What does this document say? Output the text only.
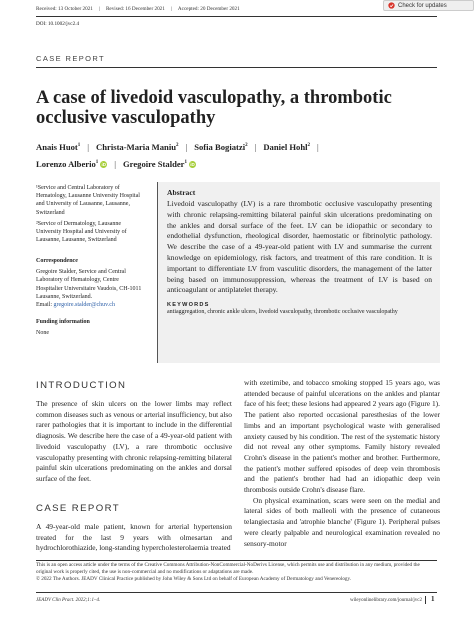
Check for updates
Received: 13 October 2021 | Revised: 16 December 2021 | Accepted: 20 December 2021
DOI: 10.1002/jvc2.4
CASE REPORT
A case of livedoid vasculopathy, a thrombotic
occlusive vasculopathy
Anais Huot$^1$ | Christa-Maria Maniu$^2$ | Sofia Bogiatzi$^2$ | Daniel Hohl$^2$ |
Lorenzo Alberio$^1$ iD | Gregoire Stalder$^1$ iD

¹Service and Central Laboratory of Hematology, Lausanne University Hospital and University of Lausanne, Lausanne, Switzerland

²Service of Dermatology, Lausanne University Hospital and University of Lausanne, Lausanne, Switzerland

Correspondence

Gregoire Stalder, Service and Central Laboratory of Hematology, Centre Hospitalier Universitaire Vaudois, CH-1011 Lausanne, Switzerland.
Email: gregoire.stalder@chuv.ch

Funding information

None

Abstract
Livedoid vasculopathy (LV) is a rare thrombotic occlusive vasculopathy presenting with chronic relapsing-remitting bilateral painful skin ulcerations predominating on the ankles and dorsal surface of the feet. LV can be idiopathic or secondary to endothelial dysfunction, rheological disorder, haemostatic or fibrinolytic pathology. We describe the case of a 49-year-old patient with LV and summarise the current knowledge on epidemiology, risk factors, and treatment of this rare condition. It is important to differentiate LV from vasculitic disorders, the management of the latter being based on immunosuppression, whereas the treatment of LV is based on anticoagulant or antiplatelet therapy.
KEYWORDS
antiaggregation, chronic ankle ulcers, livedoid vasculopathy, thrombotic occlusive vasculopathy
INTRODUCTION

The presence of skin ulcers on the lower limbs may reflect common diseases such as venous or arterial insufficiency, but also rarer pathologies that it is important to include in the differential diagnosis. We describe here the case of a 49-year-old patient with livedoid vasculopathy (LV), a rare thrombotic occlusive vasculopathy presenting with chronic relapsing-remitting bilateral painful skin ulcerations predominating on the ankles and dorsal surface of the feet.

CASE REPORT

A 49-year-old male patient, known for arterial hypertension treated for the last 9 years with olmesartan and hydrochlorothiazide, long-standing hypercholesterolaemia treated

with ezetimibe, and tobacco smoking stopped 15 years ago, was attended because of painful ulcerations on the ankles and plantar face of his feet; these lesions had appeared 2 years ago (Figure 1). The patient also reported occasional paresthesias of the lower limbs and an important psychological waste with generalised anxiety caused by his condition. The rest of the systematic history did not reveal any other symptoms. Family history revealed Crohn's disease in the patient's mother and brother. Furthermore, the patient's mother suffered episodes of deep vein thrombosis and the patient's brother had had an idiopathic deep vein thrombosis outside Crohn's disease flare.

On physical examination, scars were seen on the medial and lateral sides of both malleoli with the presence of cutaneous telangiectasia and 'atrophie blanche' (Figure 1). Peripheral pulses were clearly palpable and neurological examination revealed no sensory-motor

This is an open access article under the terms of the Creative Commons Attribution-NonCommercial-NoDerivs License, which permits use and distribution in any medium, provided the original work is properly cited, the use is non-commercial and no modifications or adaptations are made.
© 2022 The Authors. JEADV Clinical Practice published by John Wiley & Sons Ltd on behalf of European Academy of Dermatology and Venereology.
JEADV Clin Pract. 2022;1:1–4.	wileyonlinelibrary.com/journal/jvc2 1
